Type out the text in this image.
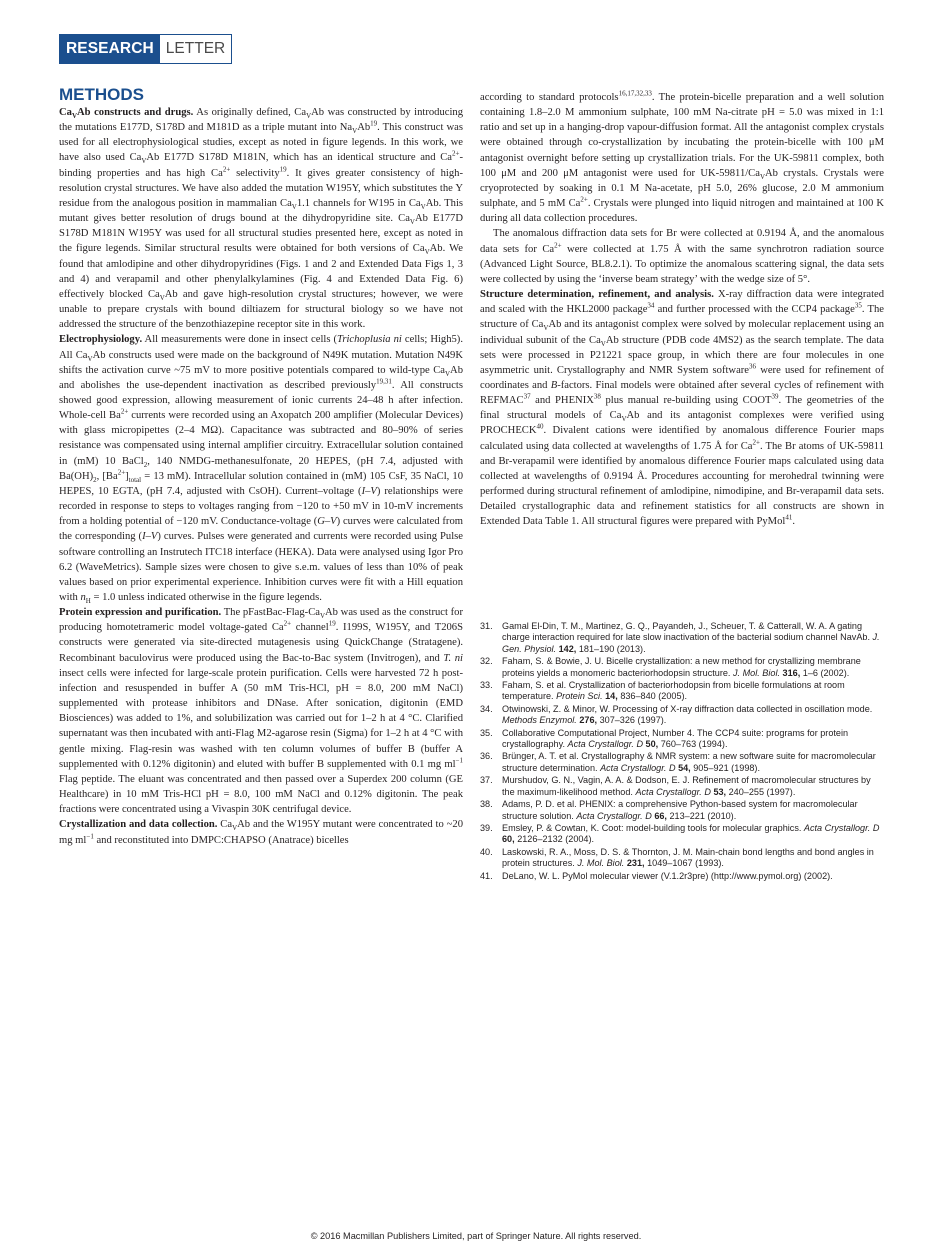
RESEARCH LETTER
METHODS

$Ca_VAb$ constructs and drugs. As originally defined, $Ca_VAb$ was constructed by introducing the mutations E177D, S178D and M181D as a triple mutant into $Na_VAb^{19}$. This construct was used for all electrophysiological studies, except as noted in figure legends. In this work, we have also used $Ca_VAb$ E177D S178D M181N, which has an identical structure and $Ca^{2+}$-binding properties and has high $Ca^{2+}$ selectivity$^{19}$. It gives greater consistency of high-resolution crystal structures. We have also added the mutation W195Y, which substitutes the Y residue from the analogous position in mammalian $Ca_V1.1$ channels for W195 in $Ca_VAb$. This mutant gives better resolution of drugs bound at the dihydropyridine site. $Ca_VAb$ E177D S178D M181N W195Y was used for all structural studies presented here, except as noted in the figure legends. Similar structural results were obtained for both versions of $Ca_VAb$. We found that amlodipine and other dihydropyridines (Figs. 1 and 2 and Extended Data Figs 1, 3 and 4) and verapamil and other phenylalkylamines (Fig. 4 and Extended Data Fig. 6) effectively blocked $Ca_VAb$ and gave high-resolution crystal structures; however, we were unable to prepare crystals with bound diltiazem for structural biology so we have not addressed the structure of the benzothiazepine receptor site in this work.

Electrophysiology. All measurements were done in insect cells (Trichoplusia ni cells; High5). All $Ca_VAb$ constructs used were made on the background of N49K mutation. Mutation N49K shifts the activation curve ~75 mV to more positive potentials compared to wild-type $Ca_VAb$ and abolishes the use-dependent inactivation as described previously$^{19,31}$. All constructs showed good expression, allowing measurement of ionic currents 24–48 h after infection. Whole-cell $Ba^{2+}$ currents were recorded using an Axopatch 200 amplifier (Molecular Devices) with glass micropipettes (2–4 MΩ). Capacitance was subtracted and 80–90% of series resistance was compensated using internal amplifier circuitry. Extracellular solution contained in (mM) 10 BaCl$_2$, 140 NMDG-methanesulfonate, 20 HEPES, (pH 7.4, adjusted with $Ba(OH)_2$, $[Ba^{2+}]_{total} = 13$ mM). Intracellular solution contained in (mM) 105 CsF, 35 NaCl, 10 HEPES, 10 EGTA, (pH 7.4, adjusted with CsOH). Current–voltage (I–V) relationships were recorded in response to steps to voltages ranging from −120 to +50 mV in 10-mV increments from a holding potential of −120 mV. Conductance-voltage (G–V) curves were calculated from the corresponding (I–V) curves. Pulses were generated and currents were recorded using Pulse software controlling an Instrutech ITC18 interface (HEKA). Data were analysed using Igor Pro 6.2 (WaveMetrics). Sample sizes were chosen to give s.e.m. values of less than 10% of peak values based on prior experimental experience. Inhibition curves were fit with a Hill equation with $n_H = 1.0$ unless indicated otherwise in the figure legends.

Protein expression and purification. The pFastBac-$Flag-Ca_VAb$ was used as the construct for producing homotetrameric model voltage-gated $Ca^{2+}$ channel$^{19}$. I199S, W195Y, and T206S constructs were generated via site-directed mutagenesis using QuickChange (Stratagene). Recombinant baculovirus were produced using the Bac-to-Bac system (Invitrogen), and T. ni insect cells were infected for large-scale protein purification. Cells were harvested 72 h post-infection and resuspended in buffer A (50 mM Tris-HCl, pH = 8.0, 200 mM NaCl) supplemented with protease inhibitors and DNase. After sonication, digitonin (EMD Biosciences) was added to 1%, and solubilization was carried out for 1–2 h at 4 °C. Clarified supernatant was then incubated with anti-Flag M2-agarose resin (Sigma) for 1–2 h at 4 °C with gentle mixing. Flag-resin was washed with ten column volumes of buffer B (buffer A supplemented with 0.12% digitonin) and eluted with buffer B supplemented with 0.1 mg $ml^{-1}$ Flag peptide. The eluant was concentrated and then passed over a Superdex 200 column (GE Healthcare) in 10 mM Tris-HCl pH = 8.0, 100 mM NaCl and 0.12% digitonin. The peak fractions were concentrated using a Vivaspin 30K centrifugal device.

Crystallization and data collection. $Ca_VAb$ and the W195Y mutant were concentrated to ~20 mg $ml^{-1}$ and reconstituted into DMPC:CHAPSO (Anatrace) bicelles

according to standard protocols$^{16,17,32,33}$. The protein-bicelle preparation and a well solution containing 1.8–2.0 M ammonium sulphate, 100 mM Na-citrate pH = 5.0 was mixed in 1:1 ratio and set up in a hanging-drop vapour-diffusion format. All the antagonist complex crystals were obtained through co-crystallization by incubating the protein-bicelle with 100 μM antagonist overnight before setting up crystallization trials. For the UK-59811 complex, both 100 μM and 200 μM antagonist were used for $UK-59811/Ca_VAb$ crystals. Crystals were cryoprotected by soaking in 0.1 M Na-acetate, pH 5.0, 26% glucose, 2.0 M ammonium sulphate, and 5 mM $Ca^{2+}$. Crystals were plunged into liquid nitrogen and maintained at 100 K during all data collection procedures.

The anomalous diffraction data sets for Br were collected at 0.9194 Å, and the anomalous data sets for $Ca^{2+}$ were collected at 1.75 Å with the same synchrotron radiation source (Advanced Light Source, BL8.2.1). To optimize the anomalous scattering signal, the data sets were collected by using the ‘inverse beam strategy’ with the wedge size of 5°.

Structure determination, refinement, and analysis. X-ray diffraction data were integrated and scaled with the HKL2000 package$^{34}$ and further processed with the CCP4 package$^{35}$. The structure of $Ca_VAb$ and its antagonist complex were solved by molecular replacement using an individual subunit of the $Ca_VAb$ structure (PDB code 4MS2) as the search template. The data sets were processed in P21221 space group, in which there are four molecules in one asymmetric unit. Crystallography and NMR System software$^{36}$ were used for refinement of coordinates and B-factors. Final models were obtained after several cycles of refinement with REFMAC$^{37}$ and PHENIX$^{38}$ plus manual re-building using COOT$^{39}$. The geometries of the final structural models of $Ca_VAb$ and its antagonist complexes were verified using PROCHECK$^{40}$. Divalent cations were identified by anomalous difference Fourier maps calculated using data collected at wavelengths of 1.75 Å for $Ca^{2+}$. The Br atoms of UK-59811 and Br-verapamil were identified by anomalous difference Fourier maps calculated using data collected at wavelengths of 0.9194 Å. Procedures accounting for merohedral twinning were performed during structural refinement of amlodipine, nimodipine, and Br-verapamil data sets. Detailed crystallographic data and refinement statistics for all constructs are shown in Extended Data Table 1. All structural figures were prepared with PyMol$^{41}$.

31.	Gamal El-Din, T. M., Martinez, G. Q., Payandeh, J., Scheuer, T. & Catterall, W. A. A gating charge interaction required for late slow inactivation of the bacterial sodium channel NavAb. J. Gen. Physiol. 142, 181–190 (2013).
32.	Faham, S. & Bowie, J. U. Bicelle crystallization: a new method for crystallizing membrane proteins yields a monomeric bacteriorhodopsin structure. J. Mol. Biol. 316, 1–6 (2002).
33.	Faham, S. et al. Crystallization of bacteriorhodopsin from bicelle formulations at room temperature. Protein Sci. 14, 836–840 (2005).
34.	Otwinowski, Z. & Minor, W. Processing of X-ray diffraction data collected in oscillation mode. Methods Enzymol. 276, 307–326 (1997).
35.	Collaborative Computational Project, Number 4. The CCP4 suite: programs for protein crystallography. Acta Crystallogr. D 50, 760–763 (1994).
36.	Brünger, A. T. et al. Crystallography & NMR system: a new software suite for macromolecular structure determination. Acta Crystallogr. D 54, 905–921 (1998).
37.	Murshudov, G. N., Vagin, A. A. & Dodson, E. J. Refinement of macromolecular structures by the maximum-likelihood method. Acta Crystallogr. D 53, 240–255 (1997).
38.	Adams, P. D. et al. PHENIX: a comprehensive Python-based system for macromolecular structure solution. Acta Crystallogr. D 66, 213–221 (2010).
39.	Emsley, P. & Cowtan, K. Coot: model-building tools for molecular graphics. Acta Crystallogr. D 60, 2126–2132 (2004).
40.	Laskowski, R. A., Moss, D. S. & Thornton, J. M. Main-chain bond lengths and bond angles in protein structures. J. Mol. Biol. 231, 1049–1067 (1993).
41.	DeLano, W. L. PyMol molecular viewer (V.1.2r3pre) (http://www.pymol.org) (2002).
© 2016 Macmillan Publishers Limited, part of Springer Nature. All rights reserved.
